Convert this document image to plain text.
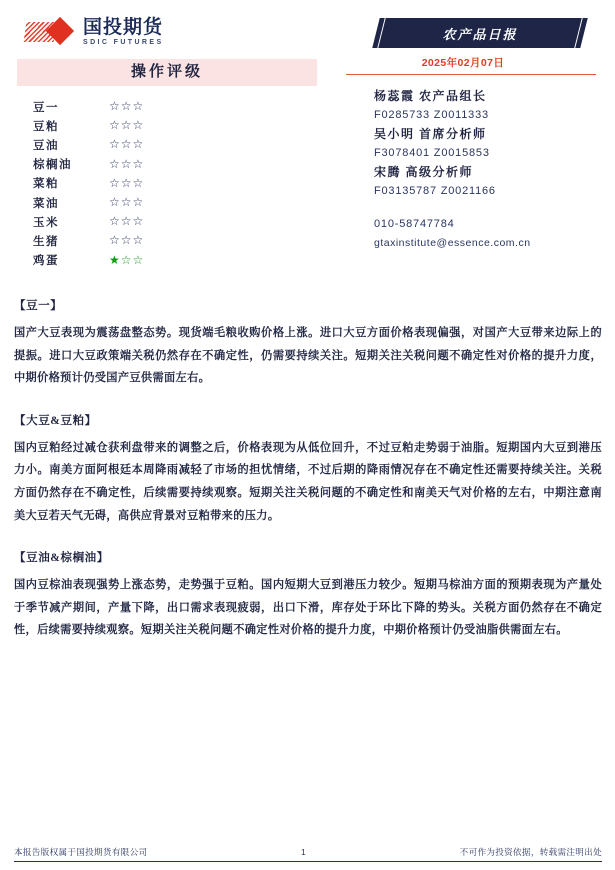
国投期货
SDIC FUTURES
操作评级
豆一	☆☆☆
豆粕	☆☆☆
豆油	☆☆☆
棕榈油	☆☆☆
菜粕	☆☆☆
菜油	☆☆☆
玉米	☆☆☆
生猪	☆☆☆
鸡蛋	★☆☆
农产品日报
2025年02月07日
杨蕊霞 农产品组长
F0285733 Z0011333
吴小明 首席分析师
F3078401 Z0015853
宋腾 高级分析师
F03135787 Z0021166
010-58747784
gtaxinstitute@essence.com.cn
【豆一】
国产大豆表现为震荡盘整态势。现货端毛粮收购价格上涨。进口大豆方面价格表现偏强，对国产大豆带来边际上的提振。进口大豆政策端关税仍然存在不确定性，仍需要持续关注。短期关注关税问题不确定性对价格的提升力度，中期价格预计仍受国产豆供需面左右。
【大豆&豆粕】
国内豆粕经过减仓获利盘带来的调整之后，价格表现为从低位回升，不过豆粕走势弱于油脂。短期国内大豆到港压力小。南美方面阿根廷本周降雨减轻了市场的担忧情绪，不过后期的降雨情况存在不确定性还需要持续关注。关税方面仍然存在不确定性，后续需要持续观察。短期关注关税问题的不确定性和南美天气对价格的左右，中期注意南美大豆若天气无碍，高供应背景对豆粕带来的压力。
【豆油&棕榈油】
国内豆棕油表现强势上涨态势，走势强于豆粕。国内短期大豆到港压力较少。短期马棕油方面的预期表现为产量处于季节减产期间，产量下降，出口需求表现疲弱，出口下滑，库存处于环比下降的势头。关税方面仍然存在不确定性，后续需要持续观察。短期关注关税问题不确定性对价格的提升力度，中期价格预计仍受油脂供需面左右。
本报告版权属于国投期货有限公司	1	不可作为投资依据，转载需注明出处
